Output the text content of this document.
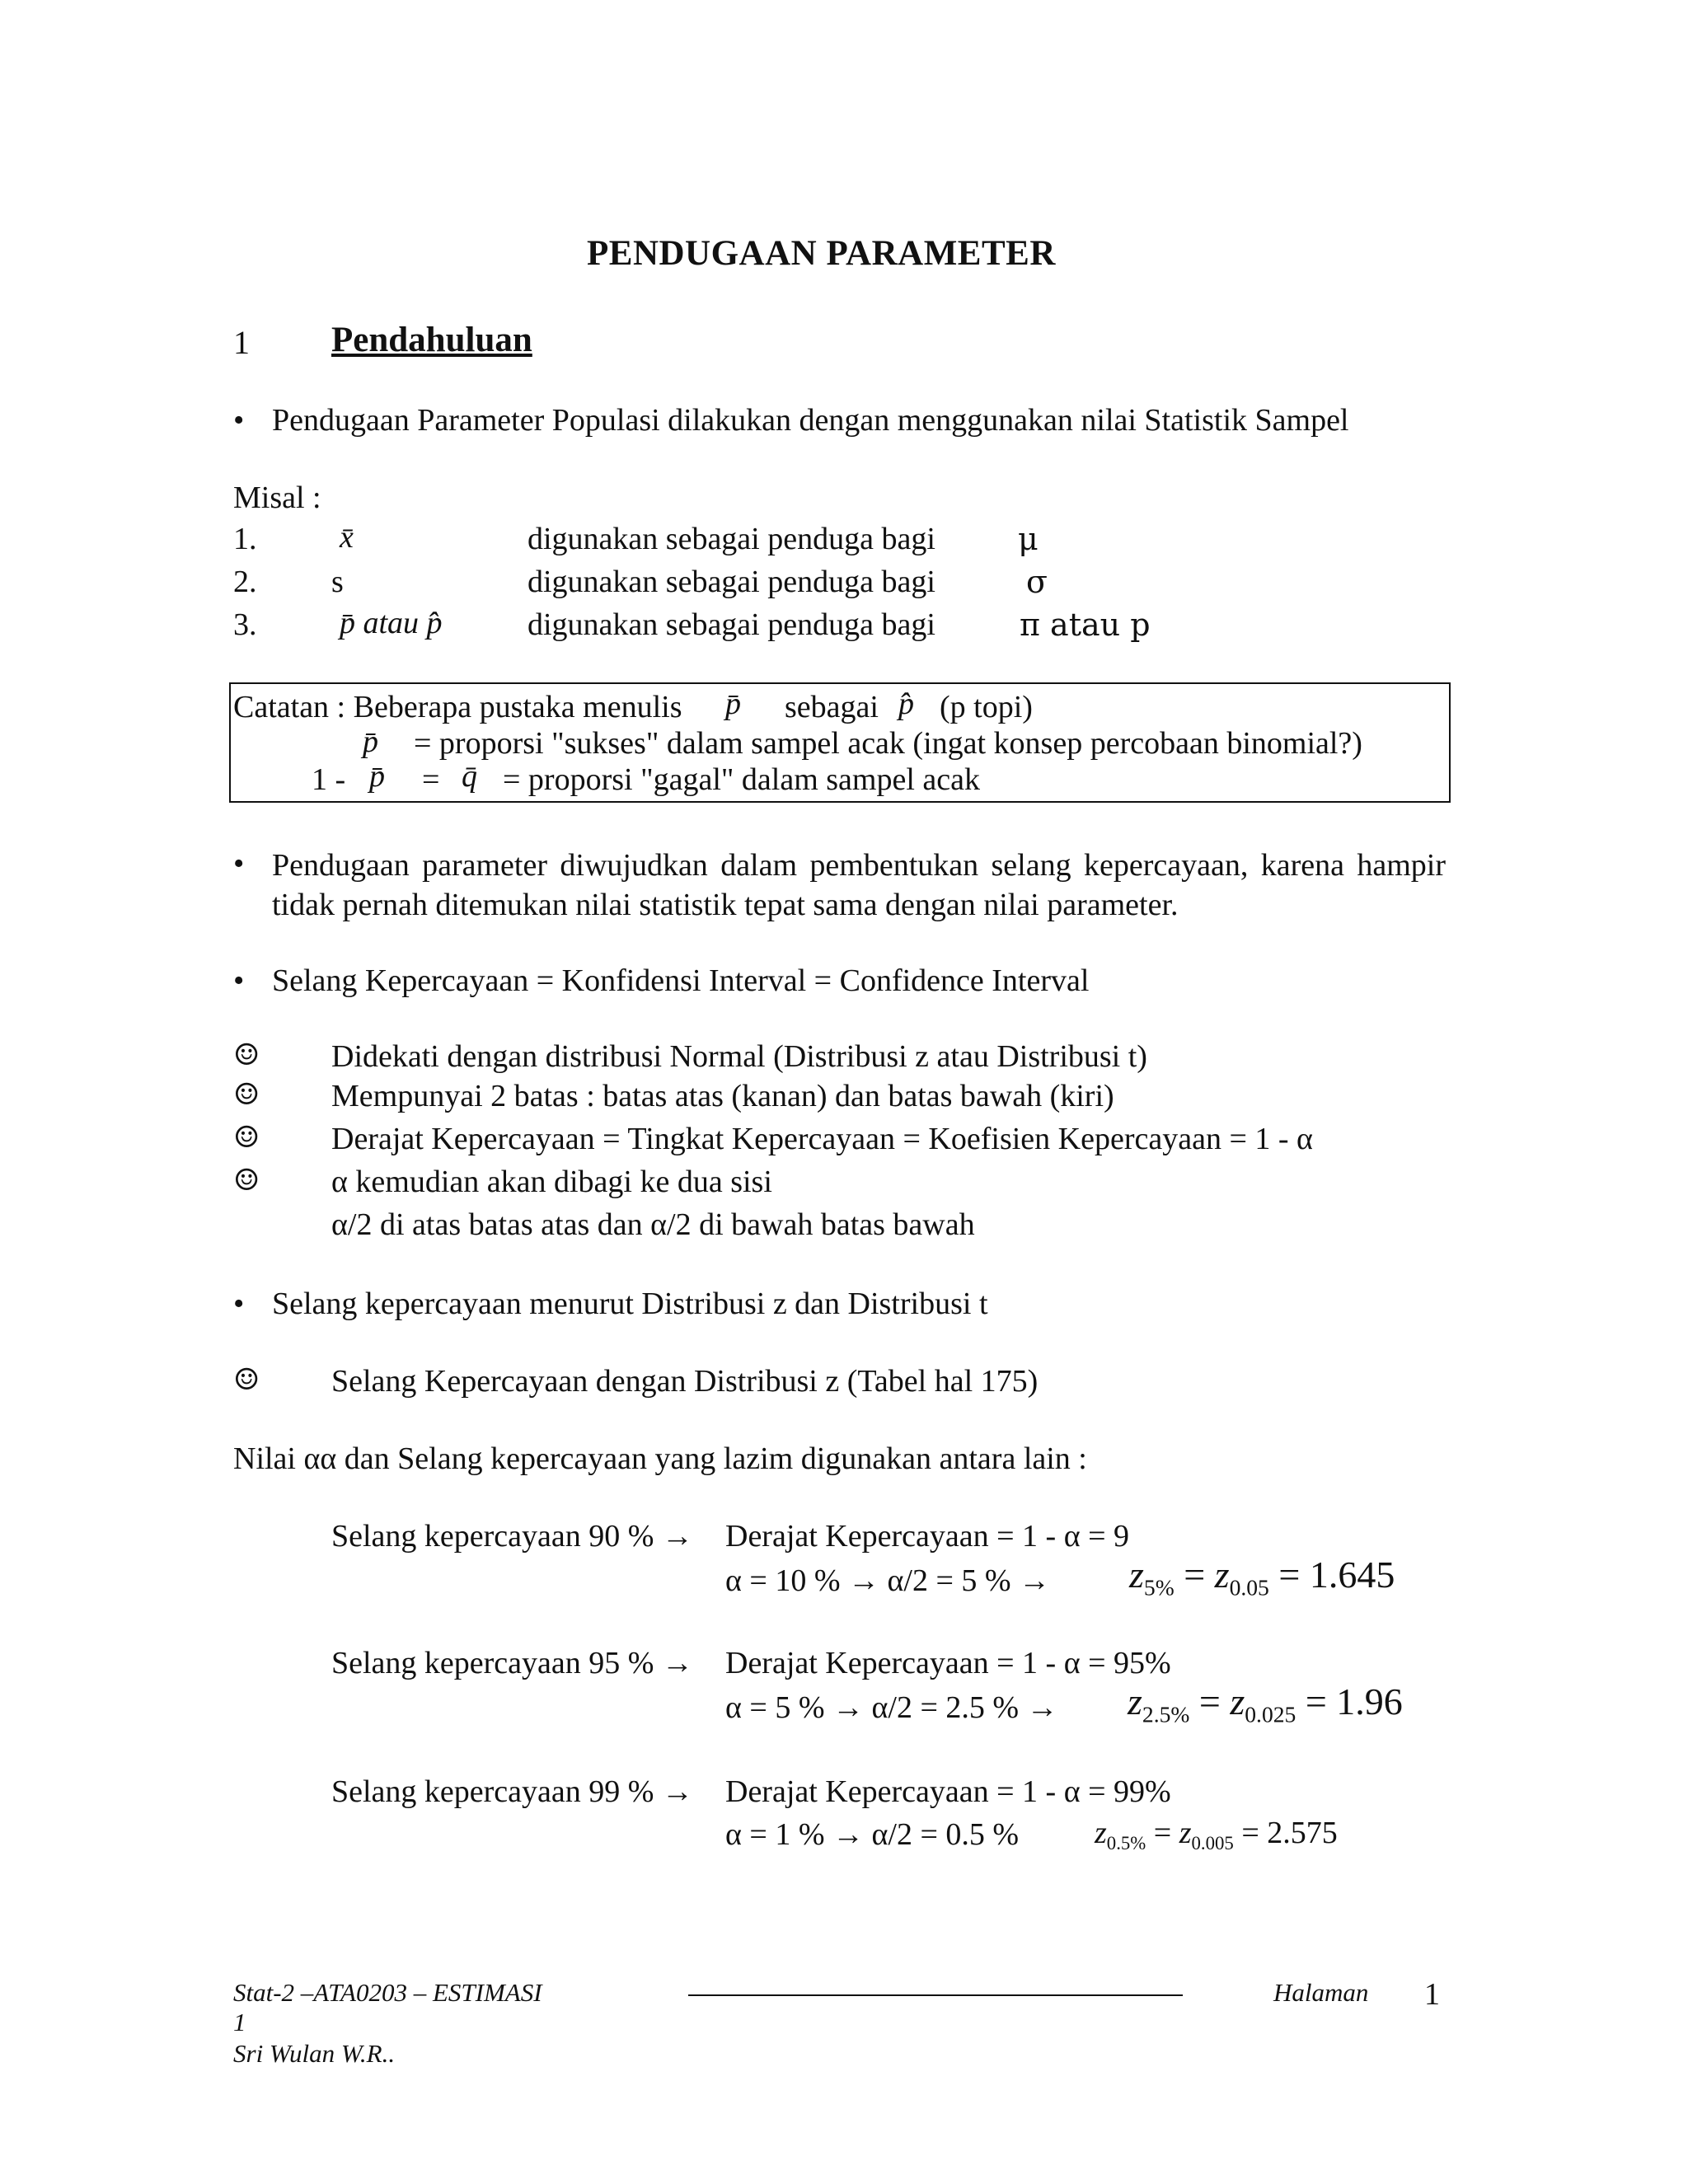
PENDUGAAN PARAMETER
1 Pendahuluan
• Pendugaan Parameter Populasi dilakukan dengan menggunakan nilai Statistik Sampel
Misal :
1.	x̄	digunakan sebagai penduga bagi	μ
2. s	digunakan sebagai penduga bagi	σ
3.	p̄ atau p̂	digunakan sebagai penduga bagi	π atau p
Catatan : Beberapa pustaka menulis p̄ sebagai p̂ (p topi)
p̄ = proporsi "sukses" dalam sampel acak (ingat konsep percobaan binomial?)
1 - p̄ = q̄ = proporsi "gagal" dalam sampel acak
• Pendugaan parameter diwujudkan dalam pembentukan selang kepercayaan, karena hampir tidak pernah ditemukan nilai statistik tepat sama dengan nilai parameter.
• Selang Kepercayaan = Konfidensi Interval = Confidence Interval
☺ Didekati dengan distribusi Normal (Distribusi z atau Distribusi t)
☺ Mempunyai 2 batas : batas atas (kanan) dan batas bawah (kiri)
☺ Derajat Kepercayaan = Tingkat Kepercayaan = Koefisien Kepercayaan = 1 - α
☺ α kemudian akan dibagi ke dua sisi
α/2 di atas batas atas dan α/2 di bawah batas bawah
• Selang kepercayaan menurut Distribusi z dan Distribusi t
☺ Selang Kepercayaan dengan Distribusi z (Tabel hal 175)
Nilai αα dan Selang kepercayaan yang lazim digunakan antara lain :
Selang kepercayaan 90 % → Derajat Kepercayaan = 1 - α = 9
α = 10 % → α/2 = 5 % → $z_{5\%} = z_{0.05} = 1.645$
Selang kepercayaan 95 % → Derajat Kepercayaan = 1 - α = 95%
α = 5 % → α/2 = 2.5 % → $z_{2.5\%} = z_{0.025} = 1.96$
Selang kepercayaan 99 % → Derajat Kepercayaan = 1 - α = 99%
α = 1 % → α/2 = 0.5 % $z_{0.5\%} = z_{0.005} = 2.575$
Stat-2 –ATA0203 – ESTIMASI
1
Sri Wulan W.R..
Halaman 1
